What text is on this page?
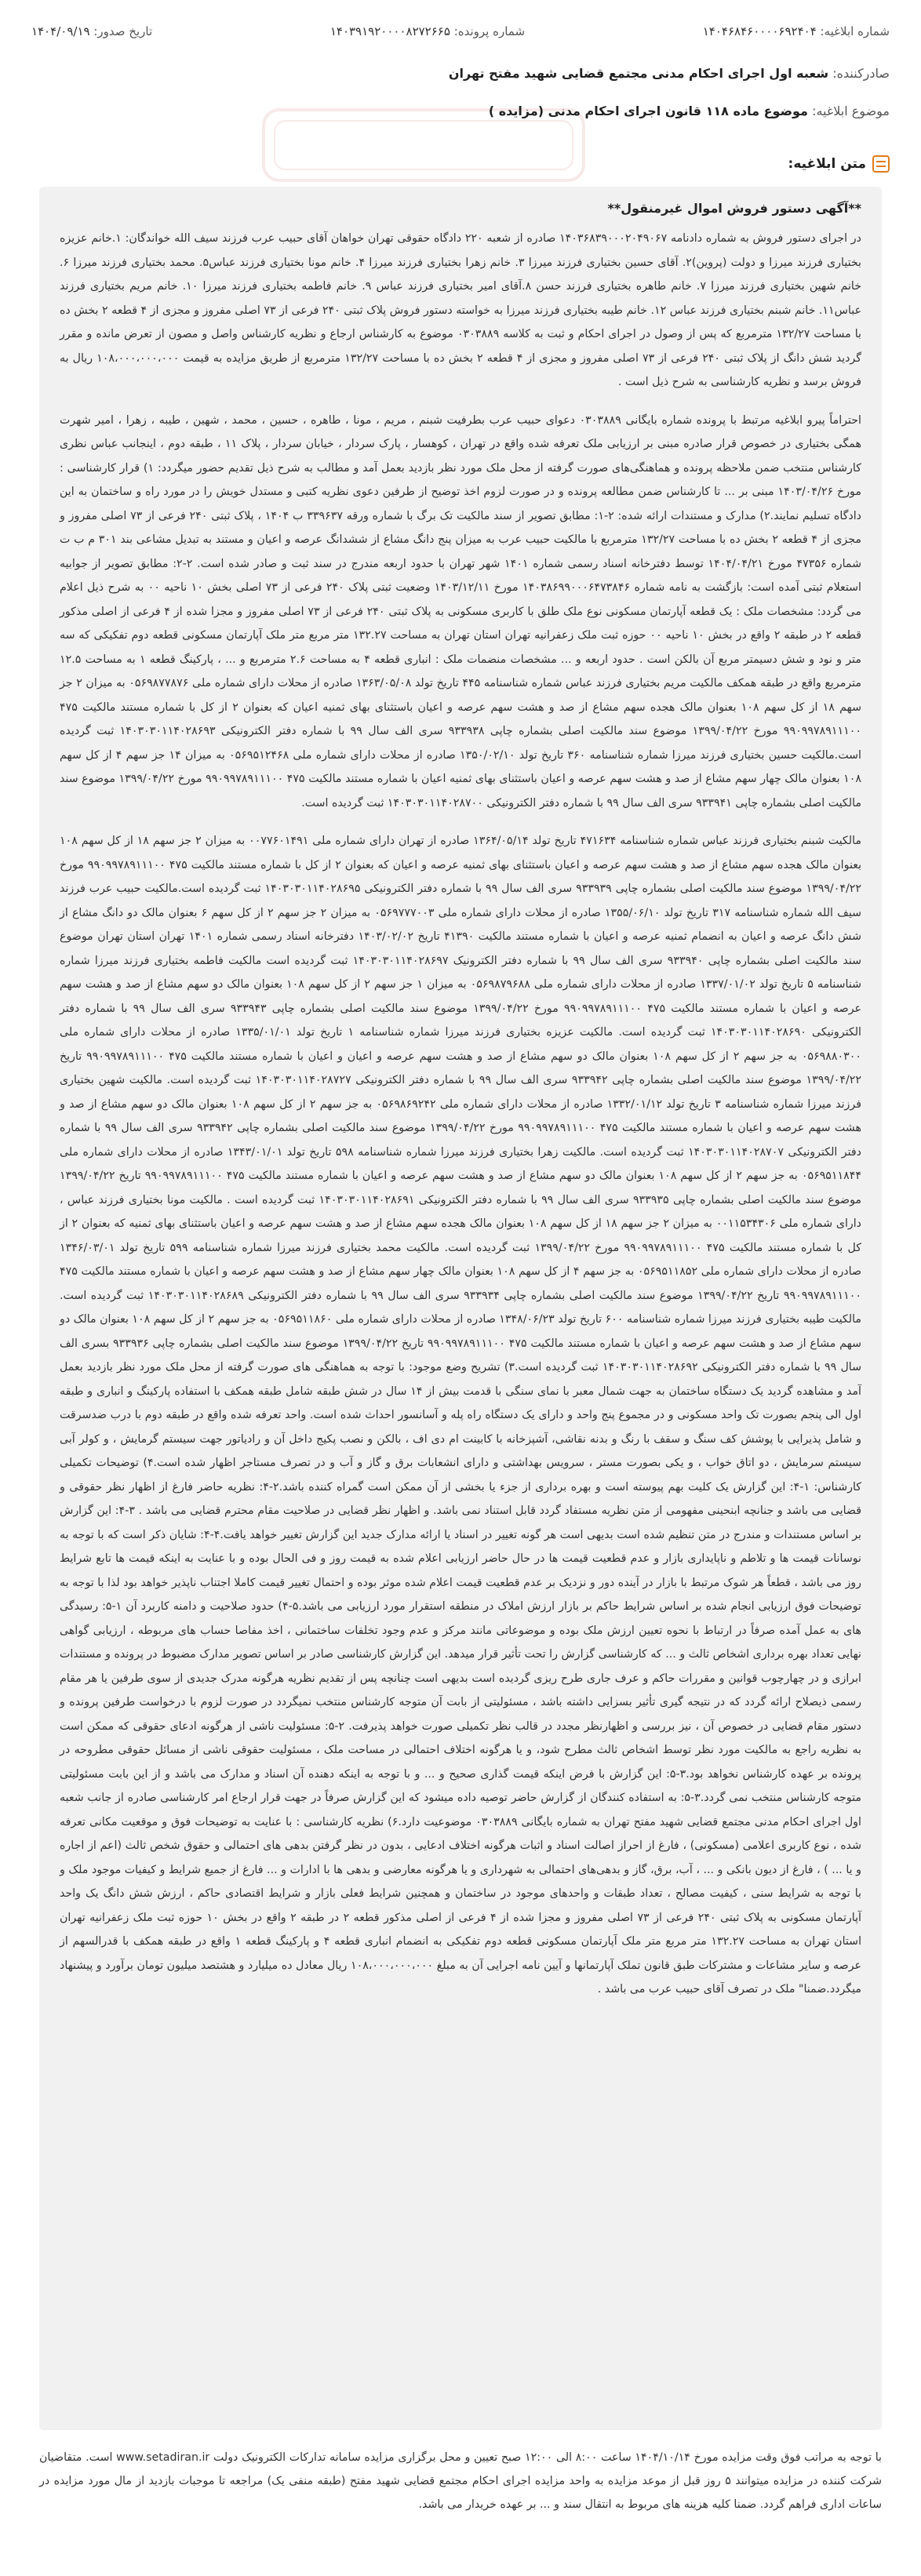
شماره ابلاغیه: ۱۴۰۴۶۸۴۶۰۰۰۰۶۹۲۴۰۴
شماره پرونده: ۱۴۰۳۹۱۹۲۰۰۰۰۸۲۷۲۶۶۵
تاریخ صدور: ۱۴۰۴/۰۹/۱۹
صادرکننده: شعبه اول اجرای احکام مدنی مجتمع قضایی شهید مفتح تهران
موضوع ابلاغیه: موضوع ماده ۱۱۸ قانون اجرای احکام مدنی (مزایده )
متن ابلاغیه:
**آگهی دستور فروش اموال غیرمنقول**

در اجرای دستور فروش به شماره دادنامه ۱۴۰۳۶۸۳۹۰۰۰۲۰۴۹۰۶۷ صادره از شعبه ۲۲۰ دادگاه حقوقی تهران خواهان آقای حبیب عرب فرزند سیف الله خواندگان: ۱.خانم عزیزه بختیاری فرزند میرزا و دولت (پروین)۲. آقای حسین بختیاری فرزند میرزا ۳. خانم زهرا بختیاری فرزند میرزا ۴. خانم مونا بختیاری فرزند عباس۵. محمد بختیاری فرزند میرزا ۶. خانم شهین بختیاری فرزند میرزا ۷. خانم طاهره بختیاری فرزند حسن ۸.آقای امیر بختیاری فرزند عباس ۹. خانم فاطمه بختیاری فرزند میرزا ۱۰. خانم مریم بختیاری فرزند عباس۱۱. خانم شبنم بختیاری فرزند عباس ۱۲. خانم طیبه بختیاری فرزند میرزا به خواسته دستور فروش پلاک ثبتی ۲۴۰ فرعی از ۷۳ اصلی مفروز و مجزی از ۴ قطعه ۲ بخش ده با مساحت ۱۳۲/۲۷ مترمربع که پس از وصول در اجرای احکام و ثبت به کلاسه ۰۳۰۳۸۸۹ موضوع به کارشناس ارجاع و نظریه کارشناس واصل و مصون از تعرض مانده و مقرر گردید شش دانگ از پلاک ثبتی ۲۴۰ فرعی از ۷۳ اصلی مفروز و مجزی از ۴ قطعه ۲ بخش ده با مساحت ۱۳۲/۲۷ مترمربع از طریق مزایده به قیمت ۱۰۸،۰۰۰،۰۰۰،۰۰۰ ریال به فروش برسد و نظریه کارشناسی به شرح ذیل است .

احتراماً پیرو ابلاغیه مرتبط با پرونده شماره بایگانی ۰۳۰۳۸۸۹ دعوای حبیب عرب بطرفیت شبنم ، مریم ، مونا ، طاهره ، حسین ، محمد ، شهین ، طیبه ، زهرا ، امیر شهرت همگی بختیاری در خصوص قرار صادره مبنی بر ارزیابی ملک تعرفه شده واقع در تهران ، کوهسار ، پارک سردار ، خیابان سردار ، پلاک ۱۱ ، طبقه دوم ، اینجانب عباس نظری کارشناس منتخب ضمن ملاحظه پرونده و هماهنگی‌های صورت گرفته از محل ملک مورد نظر بازدید بعمل آمد و مطالب به شرح ذیل تقدیم حضور میگردد: ۱) قرار کارشناسی : مورخ ۱۴۰۳/۰۴/۲۶ مبنی بر ... تا کارشناس ضمن مطالعه پرونده و در صورت لزوم اخذ توضیح از طرفین دعوی نظریه کتبی و مستدل خویش را در مورد راه و ساختمان به این دادگاه تسلیم نمایند.۲) مدارک و مستندات ارائه شده: ۲-۱: مطابق تصویر از سند مالکیت تک برگ با شماره ورقه ۳۳۹۶۳۷ ب ۱۴۰۴ ، پلاک ثبتی ۲۴۰ فرعی از ۷۳ اصلی مفروز و مجزی از ۴ قطعه ۲ بخش ده با مساحت ۱۳۲/۲۷ مترمربع با مالکیت حبیب عرب به میزان پنج دانگ مشاع از ششدانگ عرصه و اعیان و مستند به تبدیل مشاعی بند ۳۰۱ م ب ت شماره ۴۷۳۵۶ مورخ ۱۴۰۴/۰۴/۲۱ توسط دفترخانه اسناد رسمی شماره ۱۴۰۱ شهر تهران با حدود اربعه مندرج در سند ثبت و صادر شده است. ۲-۲: مطابق تصویر از جوابیه استعلام ثبتی آمده است: بازگشت به نامه شماره ۱۴۰۳۸۶۹۹۰۰۰۶۴۷۳۸۴۶ مورخ ۱۴۰۳/۱۲/۱۱ وضعیت ثبتی پلاک ۲۴۰ فرعی از ۷۳ اصلی بخش ۱۰ ناحیه ۰۰ به شرح ذیل اعلام می گردد: مشخصات ملک : یک قطعه آپارتمان مسکونی نوع ملک طلق با کاربری مسکونی به پلاک ثبتی ۲۴۰ فرعی از ۷۳ اصلی مفروز و مجزا شده از ۴ فرعی از اصلی مذکور قطعه ۲ در طبقه ۲ واقع در بخش ۱۰ ناحیه ۰۰ حوزه ثبت ملک زعفرانیه تهران استان تهران به مساحت ۱۳۲.۲۷ متر مربع متر ملک آپارتمان مسکونی قطعه دوم تفکیکی که سه متر و نود و شش دسیمتر مربع آن بالکن است . حدود اربعه و ... مشخصات منضمات ملک : انباری قطعه ۴ به مساحت ۲.۶ مترمربع و ... ، پارکینگ قطعه ۱ به مساحت ۱۲.۵ مترمربع واقع در طبقه همکف مالکیت مریم بختیاری فرزند عباس شماره شناسنامه ۴۴۵ تاریخ تولد ۱۳۶۳/۰۵/۰۸ صادره از محلات دارای شماره ملی ۰۵۶۹۸۷۷۸۷۶ به میزان ۲ جز سهم ۱۸ از کل سهم ۱۰۸ بعنوان مالک هجده سهم مشاع از صد و هشت سهم عرصه و اعیان باستثنای بهای ثمنیه اعیان که بعنوان ۲ از کل با شماره مستند مالکیت ۴۷۵ ۹۹۰۹۹۷۸۹۱۱۱۰۰ مورخ ۱۳۹۹/۰۴/۲۲ موضوع سند مالکیت اصلی بشماره چاپی ۹۳۳۹۳۸ سری الف سال ۹۹ با شماره دفتر الکترونیکی ۱۴۰۳۰۳۰۱۱۴۰۲۸۶۹۳ ثبت گردیده است.مالکیت حسین بختیاری فرزند میرزا شماره شناسنامه ۳۶۰ تاریخ تولد ۱۳۵۰/۰۲/۱۰ صادره از محلات دارای شماره ملی ۰۵۶۹۵۱۲۴۶۸ به میزان ۱۴ جز سهم ۴ از کل سهم ۱۰۸ بعنوان مالک چهار سهم مشاع از صد و هشت سهم عرصه و اعیان باستثنای بهای ثمنیه اعیان با شماره مستند مالکیت ۴۷۵ ۹۹۰۹۹۷۸۹۱۱۱۰۰ مورخ ۱۳۹۹/۰۴/۲۲ موضوع سند مالکیت اصلی بشماره چاپی ۹۳۳۹۴۱ سری الف سال ۹۹ با شماره دفتر الکترونیکی ۱۴۰۳۰۳۰۱۱۴۰۲۸۷۰۰ ثبت گردیده است.

مالکیت شبنم بختیاری فرزند عباس شماره شناسنامه ۴۷۱۶۳۴ تاریخ تولد ۱۳۶۴/۰۵/۱۴ صادره از تهران دارای شماره ملی ۰۰۷۷۶۰۱۴۹۱ به میزان ۲ جز سهم ۱۸ از کل سهم ۱۰۸ بعنوان مالک هجده سهم مشاع از صد و هشت سهم عرصه و اعیان باستثنای بهای ثمنیه عرصه و اعیان که بعنوان ۲ از کل با شماره مستند مالکیت ۴۷۵ ۹۹۰۹۹۷۸۹۱۱۱۰۰ مورخ ۱۳۹۹/۰۴/۲۲ موضوع سند مالکیت اصلی بشماره چاپی ۹۳۳۹۳۹ سری الف سال ۹۹ با شماره دفتر الکترونیکی ۱۴۰۳۰۳۰۱۱۴۰۲۸۶۹۵ ثبت گردیده است.مالکیت حبیب عرب فرزند سیف الله شماره شناسنامه ۳۱۷ تاریخ تولد ۱۳۵۵/۰۶/۱۰ صادره از محلات دارای شماره ملی ۰۵۶۹۷۷۷۰۰۳ به میزان ۲ جز سهم ۲ از کل سهم ۶ بعنوان مالک دو دانگ مشاع از شش دانگ عرصه و اعیان به انضمام ثمنیه عرصه و اعیان با شماره مستند مالکیت ۴۱۳۹۰ تاریخ ۱۴۰۳/۰۲/۰۲ دفترخانه اسناد رسمی شماره ۱۴۰۱ تهران استان تهران موضوع سند مالکیت اصلی بشماره چاپی ۹۳۳۹۴۰ سری الف سال ۹۹ با شماره دفتر الکترونیک ۱۴۰۳۰۳۰۱۱۴۰۲۸۶۹۷ ثبت گردیده است مالکیت فاطمه بختیاری فرزند میرزا شماره شناسنامه ۵ تاریخ تولد ۱۳۳۷/۰۱/۰۲ صادره از محلات دارای شماره ملی ۰۵۶۹۸۷۹۶۸۸ به میزان ۱ جز سهم ۲ از کل سهم ۱۰۸ بعنوان مالک دو سهم مشاع از صد و هشت سهم عرصه و اعیان با شماره مستند مالکیت ۴۷۵ ۹۹۰۹۹۷۸۹۱۱۱۰۰ مورخ ۱۳۹۹/۰۴/۲۲ موضوع سند مالکیت اصلی بشماره چاپی ۹۳۳۹۴۳ سری الف سال ۹۹ با شماره دفتر الکترونیکی ۱۴۰۳۰۳۰۱۱۴۰۲۸۶۹۰ ثبت گردیده است. مالکیت عزیزه بختیاری فرزند میرزا شماره شناسنامه ۱ تاریخ تولد ۱۳۳۵/۰۱/۰۱ صادره از محلات دارای شماره ملی ۰۵۶۹۸۸۰۳۰۰ به جز سهم ۲ از کل سهم ۱۰۸ بعنوان مالک دو سهم مشاع از صد و هشت سهم عرصه و اعیان و اعیان با شماره مستند مالکیت ۴۷۵ ۹۹۰۹۹۷۸۹۱۱۱۰۰ تاریخ ۱۳۹۹/۰۴/۲۲ موضوع سند مالکیت اصلی بشماره چاپی ۹۳۳۹۴۲ سری الف سال ۹۹ با شماره دفتر الکترونیکی ۱۴۰۳۰۳۰۱۱۴۰۲۸۷۲۷ ثبت گردیده است. مالکیت شهین بختیاری فرزند میرزا شماره شناسنامه ۳ تاریخ تولد ۱۳۳۲/۰۱/۱۲ صادره از محلات دارای شماره ملی ۰۵۶۹۸۶۹۲۴۲ به جز سهم ۲ از کل سهم ۱۰۸ بعنوان مالک دو سهم مشاع از صد و هشت سهم عرصه و اعیان با شماره مستند مالکیت ۴۷۵ ۹۹۰۹۹۷۸۹۱۱۱۰۰ مورخ ۱۳۹۹/۰۴/۲۲ موضوع سند مالکیت اصلی بشماره چاپی ۹۳۳۹۴۲ سری الف سال ۹۹ با شماره دفتر الکترونیکی ۱۴۰۳۰۳۰۱۱۴۰۲۸۷۰۷ ثبت گردیده است. مالکیت زهرا بختیاری فرزند میرزا شماره شناسنامه ۵۹۸ تاریخ تولد ۱۳۴۳/۰۱/۰۱ صادره از محلات دارای شماره ملی ۰۵۶۹۵۱۱۸۴۴ به جز سهم ۲ از کل سهم ۱۰۸ بعنوان مالک دو سهم مشاع از صد و هشت سهم عرصه و اعیان با شماره مستند مالکیت ۴۷۵ ۹۹۰۹۹۷۸۹۱۱۱۰۰ تاریخ ۱۳۹۹/۰۴/۲۲ موضوع سند مالکیت اصلی بشماره چاپی ۹۳۳۹۳۵ سری الف سال ۹۹ با شماره دفتر الکترونیکی ۱۴۰۳۰۳۰۱۱۴۰۲۸۶۹۱ ثبت گردیده است . مالکیت مونا بختیاری فرزند عباس ، دارای شماره ملی ۰۰۱۱۵۳۴۳۰۶ به میزان ۲ جز سهم ۱۸ از کل سهم ۱۰۸ بعنوان مالک هجده سهم مشاع از صد و هشت سهم عرصه و اعیان باستثنای بهای ثمنیه که بعنوان ۲ از کل با شماره مستند مالکیت ۴۷۵ ۹۹۰۹۹۷۸۹۱۱۱۰۰ مورخ ۱۳۹۹/۰۴/۲۲ ثبت گردیده است. مالکیت محمد بختیاری فرزند میرزا شماره شناسنامه ۵۹۹ تاریخ تولد ۱۳۴۶/۰۳/۰۱ صادره از محلات دارای شماره ملی ۰۵۶۹۵۱۱۸۵۲ به جز سهم ۴ از کل سهم ۱۰۸ بعنوان مالک چهار سهم مشاع از صد و هشت سهم عرصه و اعیان با شماره مستند مالکیت ۴۷۵ ۹۹۰۹۹۷۸۹۱۱۱۰۰ تاریخ ۱۳۹۹/۰۴/۲۲ موضوع سند مالکیت اصلی بشماره چاپی ۹۳۳۹۳۴ سری الف سال ۹۹ با شماره دفتر الکترونیکی ۱۴۰۳۰۳۰۱۱۴۰۲۸۶۸۹ ثبت گردیده است. مالکیت طیبه بختیاری فرزند میرزا شماره شناسنامه ۶۰۰ تاریخ تولد ۱۳۴۸/۰۶/۲۳ صادره از محلات دارای شماره ملی ۰۵۶۹۵۱۱۸۶۰ به جز سهم ۲ از کل سهم ۱۰۸ بعنوان مالک دو سهم مشاع از صد و هشت سهم عرصه و اعیان با شماره مستند مالکیت ۴۷۵ ۹۹۰۹۹۷۸۹۱۱۱۰۰ تاریخ ۱۳۹۹/۰۴/۲۲ موضوع سند مالکیت اصلی بشماره چاپی ۹۳۳۹۳۶ بسری الف سال ۹۹ با شماره دفتر الکترونیکی ۱۴۰۳۰۳۰۱۱۴۰۲۸۶۹۲ ثبت گردیده است.۳) تشریح وضع موجود: با توجه به هماهنگی های صورت گرفته از محل ملک مورد نظر بازدید بعمل آمد و مشاهده گردید یک دستگاه ساختمان به جهت شمال معبر با نمای سنگی با قدمت بیش از ۱۴ سال در شش طبقه شامل طبقه همکف با استفاده پارکینگ و انباری و طبقه اول الی پنجم بصورت تک واحد مسکونی و در مجموع پنج واحد و دارای یک دستگاه راه پله و آسانسور احداث شده است. واحد تعرفه شده واقع در طبقه دوم با درب ضدسرقت و شامل پذیرایی با پوشش کف سنگ و سقف با رنگ و بدنه نقاشی، آشپزخانه با کابینت ام دی اف ، بالکن و نصب پکیج داخل آن و رادیاتور جهت سیستم گرمایش ، و کولر آبی سیستم سرمایش ، دو اتاق خواب ، و یکی بصورت مستر ، سرویس بهداشتی و دارای انشعابات برق و گاز و آب و در تصرف مستاجر اظهار شده است.۴) توضیحات تکمیلی کارشناس: ۱-۴: این گزارش یک کلیت بهم پیوسته است و بهره برداری از جزء یا بخشی از آن ممکن است گمراه کننده باشد.۲-۴: نظریه حاضر فارغ از اظهار نظر حقوقی و قضایی می باشد و جنانچه ابنحینی مفهومی از متن نظریه مستفاد گردد قابل استناد نمی باشد. و اظهار نظر قضایی در صلاحیت مقام محترم قضایی می باشد . ۳-۴: این گزارش بر اساس مستندات و مندرج در متن تنظیم شده است بدیهی است هر گونه تغییر در اسناد یا ارائه مدارک جدید این گزارش تغییر خواهد یافت.۴-۴: شایان ذکر است که با توجه به نوسانات قیمت ها و تلاطم و ناپایداری بازار و عدم قطعیت قیمت ها در حال حاضر ارزیابی اعلام شده به قیمت روز و فی الحال بوده و با عنایت به اینکه قیمت ها تابع شرایط روز می باشد ، قطعاً هر شوک مرتبط با بازار در آینده دور و نزدیک بر عدم قطعیت قیمت اعلام شده موثر بوده و احتمال تغییر قیمت کاملا اجتناب ناپذیر خواهد بود لذا با توجه به توضیحات فوق ارزیابی انجام شده بر اساس شرایط حاکم بر بازار ارزش املاک در منطقه استقرار مورد ارزیابی می باشد.۵-۴) حدود صلاحیت و دامنه کاربرد آن ۱-۵: رسیدگی های به عمل آمده صرفاً در ارتباط با نحوه تعیین ارزش ملک بوده و موضوعاتی مانند مرکز و عدم وجود تخلفات ساختمانی ، اخذ مفاصا حساب های مربوطه ، ارزیابی گواهی نهایی تعداد بهره برداری اشخاص ثالث و ... که کارشناسی گزارش را تحت تأثیر قرار میدهد. این گزارش کارشناسی صادر بر اساس تصویر مدارک مضبوط در پرونده و مستندات ابرازی و در چهارچوب قوانین و مقررات حاکم و عرف جاری طرح ریزی گردیده است بدیهی است چنانچه پس از تقدیم نظریه هرگونه مدرک جدیدی از سوی طرفین یا هر مقام رسمی ذیصلاح ارائه گردد که در نتیجه گیری تأثیر بسزایی داشته باشد ، مسئولیتی از بابت آن متوجه کارشناس منتخب نمیگردد در صورت لزوم با درخواست طرفین پرونده و دستور مقام قضایی در خصوص آن ، نیز بررسی و اظهارنظر مجدد در قالب نظر تکمیلی صورت خواهد پذیرفت. ۲-۵: مسئولیت ناشی از هرگونه ادعای حقوقی که ممکن است به نظریه راجع به مالکیت مورد نظر توسط اشخاص ثالث مطرح شود، و یا هرگونه اختلاف احتمالی در مساحت ملک ، مسئولیت حقوقی ناشی از مسائل حقوقی مطروحه در پرونده بر عهده کارشناس نخواهد بود.۳-۵: این گزارش با فرض اینکه قیمت گذاری صحیح و ... و با توجه به اینکه دهنده آن اسناد و مدارک می باشد و از این بابت مسئولیتی متوجه کارشناس منتخب نمی گردد.۳-۵: به استفاده کنندگان از گزارش حاضر توصیه داده میشود که این گزارش صرفاً در جهت قرار ارجاع امر کارشناسی صادره از جانب شعبه اول اجرای احکام مدنی مجتمع قضایی شهید مفتح تهران به شماره بایگانی ۰۳۰۳۸۸۹ موضوعیت دارد.۶) نظریه کارشناسی : با عنایت به توضیحات فوق و موقعیت مکانی تعرفه شده ، نوع کاربری اعلامی (مسکونی) ، فارغ از احراز اصالت اسناد و اثبات هرگونه اختلاف ادعایی ، بدون در نظر گرفتن بدهی های احتمالی و حقوق شخص ثالث (اعم از اجاره و یا ... ) ، فارغ از دیون بانکی و ... ، آب، برق، گاز و بدهی‌های احتمالی به شهرداری و یا هرگونه معارضی و بدهی ها با ادارات و ... فارغ از جمیع شرایط و کیفیات موجود ملک و با توجه به شرایط سنی ، کیفیت مصالح ، تعداد طبقات و واحدهای موجود در ساختمان و همچنین شرایط فعلی بازار و شرایط اقتصادی حاکم ، ارزش شش دانگ یک واحد آپارتمان مسکونی به پلاک ثبتی ۲۴۰ فرعی از ۷۳ اصلی مفروز و مجزا شده از ۴ فرعی از اصلی مذکور قطعه ۲ در طبقه ۲ واقع در بخش ۱۰ حوزه ثبت ملک زعفرانیه تهران استان تهران به مساحت ۱۳۲.۲۷ متر مربع متر ملک آپارتمان مسکونی قطعه دوم تفکیکی به انضمام انباری قطعه ۴ و پارکینگ قطعه ۱ واقع در طبقه همکف با قدرالسهم از عرصه و سایر مشاعات و مشترکات طبق قانون تملک آپارتمانها و آیین نامه اجرایی آن به مبلغ ۱۰۸،۰۰۰،۰۰۰،۰۰۰ ریال معادل ده میلیارد و هشتصد میلیون تومان برآورد و پیشنهاد میگردد.ضمنا" ملک در تصرف آقای حبیب عرب می باشد .

با توجه به مراتب فوق وقت مزایده مورخ ۱۴۰۴/۱۰/۱۴ ساعت ۸:۰۰ الی ۱۲:۰۰ صبح تعیین و محل برگزاری مزایده سامانه تدارکات الکترونیک دولت www.setadiran.ir است. متقاضیان شرکت کننده در مزایده میتوانند ۵ روز قبل از موعد مزایده به واحد مزایده اجرای احکام مجتمع قضایی شهید مفتح (طبقه منفی یک) مراجعه تا موجبات بازدید از مال مورد مزایده در ساعات اداری فراهم گردد. ضمنا کلیه هزینه های مربوط به انتقال سند و ... بر عهده خریدار می باشد.
